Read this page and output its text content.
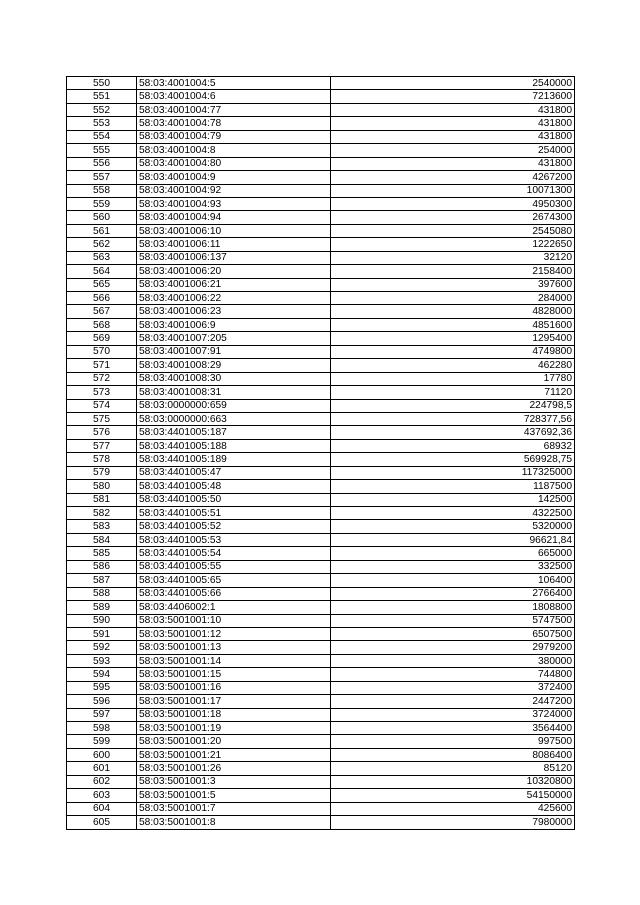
550	58:03:4001004:5	2540000
551	58:03:4001004:6	7213600
552	58:03:4001004:77	431800
553	58:03:4001004:78	431800
554	58:03:4001004:79	431800
555	58:03:4001004:8	254000
556	58:03:4001004:80	431800
557	58:03:4001004:9	4267200
558	58:03:4001004:92	10071300
559	58:03:4001004:93	4950300
560	58:03:4001004:94	2674300
561	58:03:4001006:10	2545080
562	58:03:4001006:11	1222650
563	58:03:4001006:137	32120
564	58:03:4001006:20	2158400
565	58:03:4001006:21	397600
566	58:03:4001006:22	284000
567	58:03:4001006:23	4828000
568	58:03:4001006:9	4851600
569	58:03:4001007:205	1295400
570	58:03:4001007:91	4749800
571	58:03:4001008:29	462280
572	58:03:4001008:30	17780
573	58:03:4001008:31	71120
574	58:03:0000000:659	224798,5
575	58:03:0000000:663	728377,56
576	58:03:4401005:187	437692,36
577	58:03:4401005:188	68932
578	58:03:4401005:189	569928,75
579	58:03:4401005:47	117325000
580	58:03:4401005:48	1187500
581	58:03:4401005:50	142500
582	58:03:4401005:51	4322500
583	58:03:4401005:52	5320000
584	58:03:4401005:53	96621,84
585	58:03:4401005:54	665000
586	58:03:4401005:55	332500
587	58:03:4401005:65	106400
588	58:03:4401005:66	2766400
589	58:03:4406002:1	1808800
590	58:03:5001001:10	5747500
591	58:03:5001001:12	6507500
592	58:03:5001001:13	2979200
593	58:03:5001001:14	380000
594	58:03:5001001:15	744800
595	58:03:5001001:16	372400
596	58:03:5001001:17	2447200
597	58:03:5001001:18	3724000
598	58:03:5001001:19	3564400
599	58:03:5001001:20	997500
600	58:03:5001001:21	8086400
601	58:03:5001001:26	85120
602	58:03:5001001:3	10320800
603	58:03:5001001:5	54150000
604	58:03:5001001:7	425600
605	58:03:5001001:8	7980000
